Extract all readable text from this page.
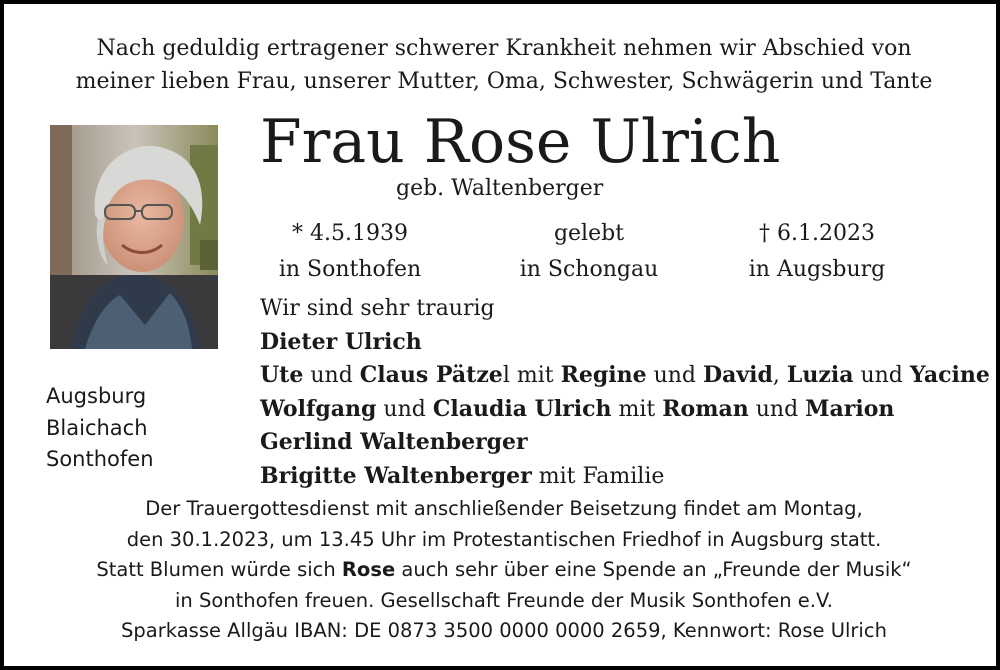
Nach geduldig ertragener schwerer Krankheit nehmen wir Abschied von
meiner lieben Frau, unserer Mutter, Oma, Schwester, Schwägerin und Tante
Frau Rose Ulrich
geb. Waltenberger
* 4.5.1939
in Sonthofen
gelebt
in Schongau
† 6.1.2023
in Augsburg
Augsburg
Blaichach
Sonthofen
Wir sind sehr traurig
Dieter Ulrich
Ute und Claus Pätzel mit Regine und David, Luzia und Yacine
Wolfgang und Claudia Ulrich mit Roman und Marion
Gerlind Waltenberger
Brigitte Waltenberger mit Familie
Der Trauergottesdienst mit anschließender Beisetzung findet am Montag,
den 30.1.2023, um 13.45 Uhr im Protestantischen Friedhof in Augsburg statt.
Statt Blumen würde sich Rose auch sehr über eine Spende an „Freunde der Musik“
in Sonthofen freuen. Gesellschaft Freunde der Musik Sonthofen e.V.
Sparkasse Allgäu IBAN: DE 0873 3500 0000 0000 2659, Kennwort: Rose Ulrich
